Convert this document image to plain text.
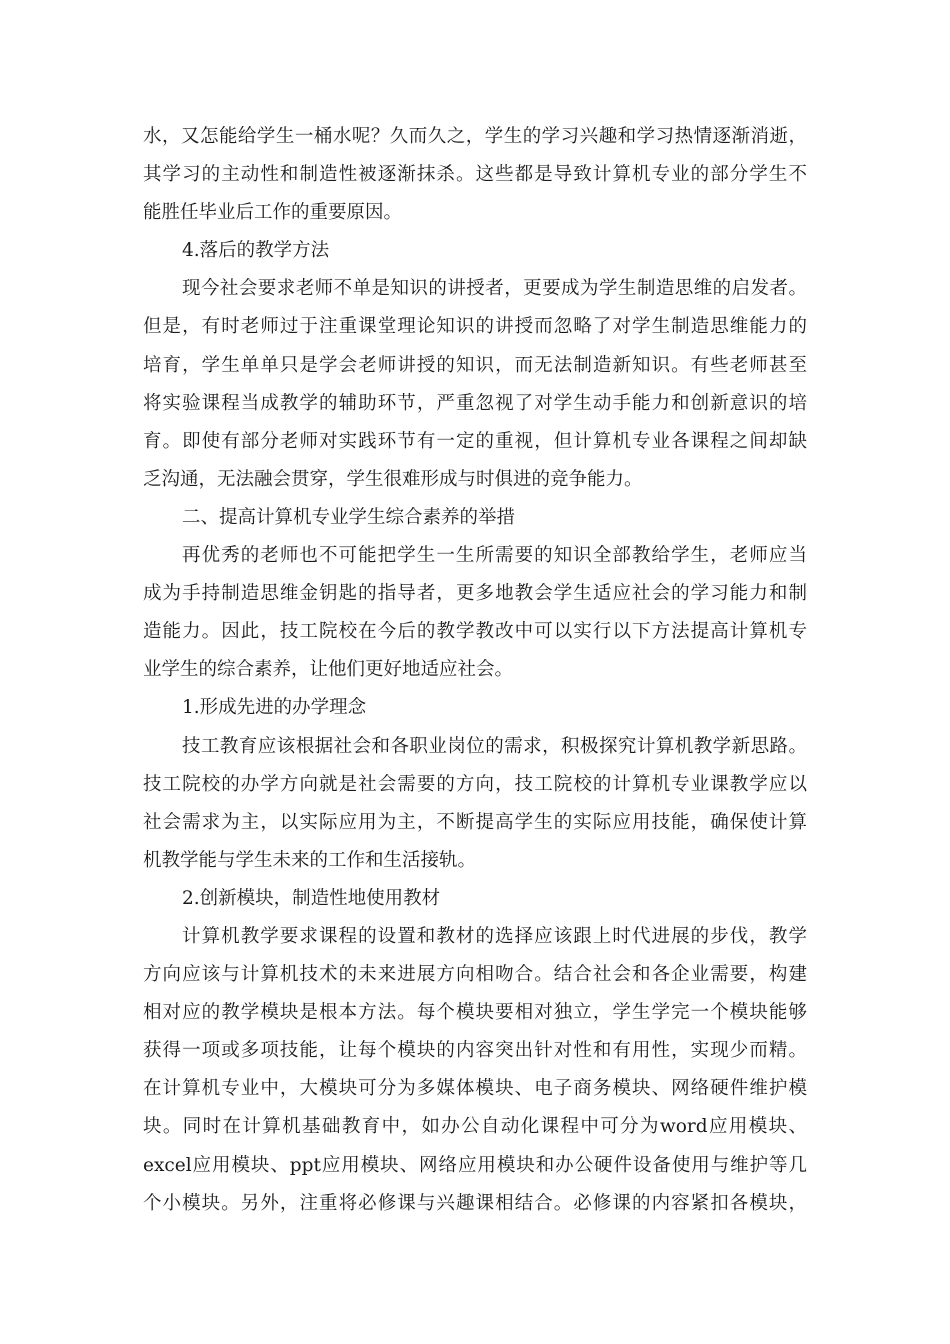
水，又怎能给学生一桶水呢？久而久之，学生的学习兴趣和学习热情逐渐消逝，
其学习的主动性和制造性被逐渐抹杀。这些都是导致计算机专业的部分学生不
能胜任毕业后工作的重要原因。
4.落后的教学方法
现今社会要求老师不单是知识的讲授者，更要成为学生制造思维的启发者。
但是，有时老师过于注重课堂理论知识的讲授而忽略了对学生制造思维能力的
培育，学生单单只是学会老师讲授的知识，而无法制造新知识。有些老师甚至
将实验课程当成教学的辅助环节，严重忽视了对学生动手能力和创新意识的培
育。即使有部分老师对实践环节有一定的重视，但计算机专业各课程之间却缺
乏沟通，无法融会贯穿，学生很难形成与时俱进的竞争能力。
二、提高计算机专业学生综合素养的举措
再优秀的老师也不可能把学生一生所需要的知识全部教给学生，老师应当
成为手持制造思维金钥匙的指导者，更多地教会学生适应社会的学习能力和制
造能力。因此，技工院校在今后的教学教改中可以实行以下方法提高计算机专
业学生的综合素养，让他们更好地适应社会。
1.形成先进的办学理念
技工教育应该根据社会和各职业岗位的需求，积极探究计算机教学新思路。
技工院校的办学方向就是社会需要的方向，技工院校的计算机专业课教学应以
社会需求为主，以实际应用为主，不断提高学生的实际应用技能，确保使计算
机教学能与学生未来的工作和生活接轨。
2.创新模块，制造性地使用教材
计算机教学要求课程的设置和教材的选择应该跟上时代进展的步伐，教学
方向应该与计算机技术的未来进展方向相吻合。结合社会和各企业需要，构建
相对应的教学模块是根本方法。每个模块要相对独立，学生学完一个模块能够
获得一项或多项技能，让每个模块的内容突出针对性和有用性，实现少而精。
在计算机专业中，大模块可分为多媒体模块、电子商务模块、网络硬件维护模
块。同时在计算机基础教育中，如办公自动化课程中可分为word应用模块、
excel应用模块、ppt应用模块、网络应用模块和办公硬件设备使用与维护等几
个小模块。另外，注重将必修课与兴趣课相结合。必修课的内容紧扣各模块，
